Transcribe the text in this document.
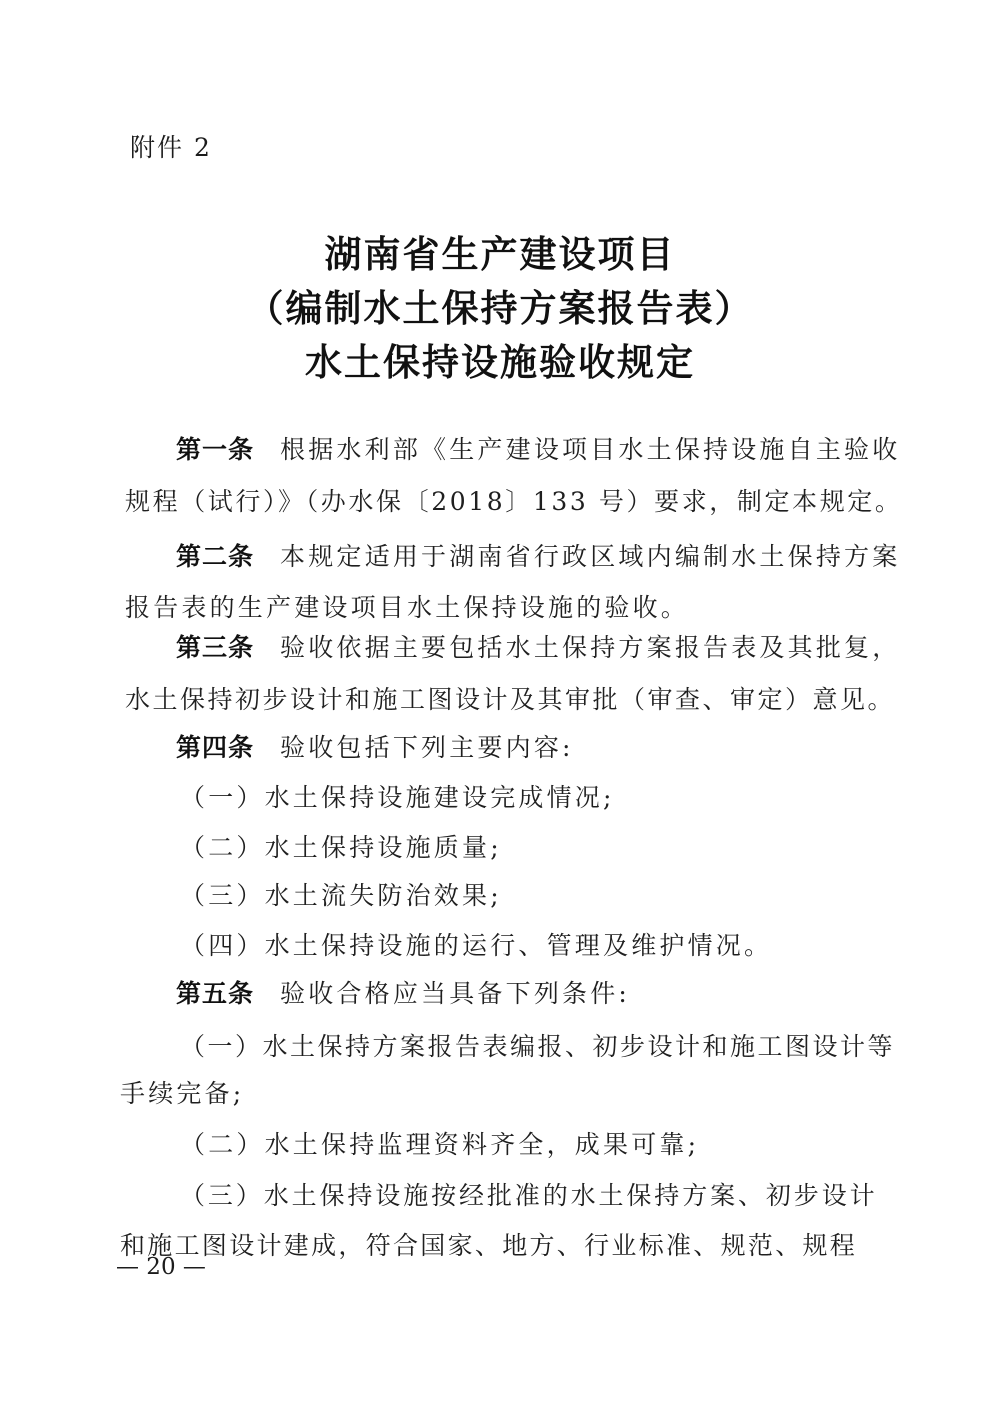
附件 2
湖南省生产建设项目
（编制水土保持方案报告表）
水土保持设施验收规定
第一条 根据水利部《生产建设项目水土保持设施自主验收
规程（试行）》（办水保〔2018〕133 号）要求，制定本规定。
第二条 本规定适用于湖南省行政区域内编制水土保持方案
报告表的生产建设项目水土保持设施的验收。
第三条 验收依据主要包括水土保持方案报告表及其批复，
水土保持初步设计和施工图设计及其审批（审查、审定）意见。
第四条 验收包括下列主要内容:
（一）水土保持设施建设完成情况;
（二）水土保持设施质量;
（三）水土流失防治效果;
（四）水土保持设施的运行、管理及维护情况。
第五条 验收合格应当具备下列条件:
（一）水土保持方案报告表编报、初步设计和施工图设计等
手续完备;
（二）水土保持监理资料齐全，成果可靠;
（三）水土保持设施按经批准的水土保持方案、初步设计
和施工图设计建成，符合国家、地方、行业标准、规范、规程
— 20 —
